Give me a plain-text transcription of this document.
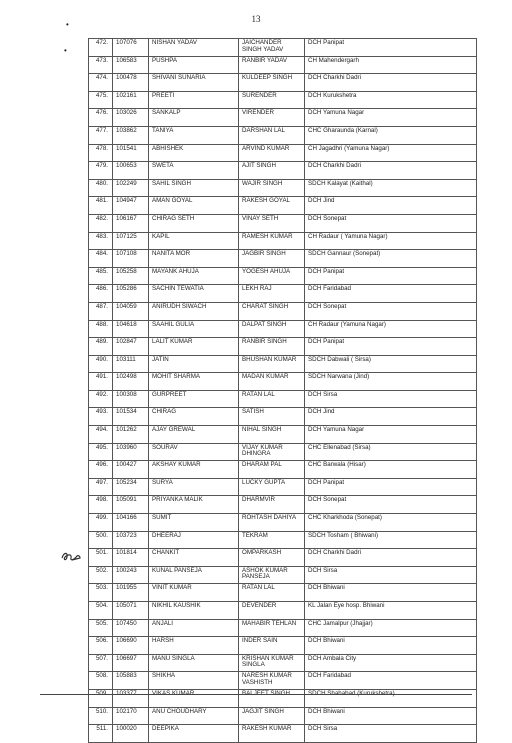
13
•
•
472.	107076	NISHAN YADAV	JAICHANDER SINGH YADAV	DCH Panipat
473.	106583	PUSHPA	RANBIR YADAV	CH Mahendergarh
474.	100478	SHIVANI SUNARIA	KULDEEP SINGH	DCH Charkhi Dadri
475.	102161	PREETI	SURENDER	DCH Kurukshetra
476.	103026	SANKALP	VIRENDER	DCH Yamuna Nagar
477.	103862	TANIYA	DARSHAN LAL	CHC Gharaunda (Karnal)
478.	101541	ABHISHEK	ARVIND KUMAR	CH Jagadhri (Yamuna Nagar)
479.	100653	SWETA	AJIT SINGH	DCH Charkhi Dadri
480.	102249	SAHIL SINGH	WAJIR SINGH	SDCH Kalayat (Kaithal)
481.	104947	AMAN GOYAL	RAKESH GOYAL	DCH Jind
482.	106167	CHIRAG SETH	VINAY SETH	DCH Sonepat
483.	107125	KAPIL	RAMESH KUMAR	CH Radaur ( Yamuna Nagar)
484.	107108	NANITA MOR	JAGBIR SINGH	SDCH Gannaur (Sonepat)
485.	105258	MAYANK AHUJA	YOGESH AHUJA	DCH Panipat
486.	105286	SACHIN TEWATIA	LEKH RAJ	DCH Faridabad
487.	104059	ANIRUDH SIWACH	CHARAT SINGH	DCH Sonepat
488.	104618	SAAHIL GULIA	DALPAT SINGH	CH Radaur (Yamuna Nagar)
489.	102847	LALIT KUMAR	RANBIR SINGH	DCH Panipat
490.	103111	JATIN	BHUSHAN KUMAR	SDCH Dabwali ( Sirsa)
491.	102498	MOHIT SHARMA	MADAN KUMAR	SDCH Narwana (Jind)
492.	100308	GURPREET	RATAN LAL	DCH Sirsa
493.	101534	CHIRAG	SATISH	DCH Jind
494.	101262	AJAY GREWAL	NIHAL SINGH	DCH Yamuna Nagar
495.	103960	SOURAV	VIJAY KUMAR DHINGRA	CHC Ellenabad (Sirsa)
496.	100427	AKSHAY KUMAR	DHARAM PAL	CHC Barwala (Hisar)
497.	105234	SURYA	LUCKY GUPTA	DCH Panipat
498.	105091	PRIYANKA MALIK	DHARMVIR	DCH Sonepat
499.	104166	SUMIT	ROHTASH DAHIYA	CHC Kharkhoda (Sonepat)
500.	103723	DHEERAJ	TEKRAM	SDCH Tosham ( Bhiwani)
501.	101814	CHANKIT	OMPARKASH	DCH Charkhi Dadri
502.	100243	KUNAL PANSEJA	ASHOK KUMAR PANSEJA	DCH Sirsa
503.	101955	VINIT KUMAR	RATAN LAL	DCH Bhiwani
504.	105071	NIKHIL KAUSHIK	DEVENDER	KL Jalan Eye hosp. Bhiwani
505.	107450	ANJALI	MAHABIR TEHLAN	CHC Jamalpur (Jhajjar)
506.	106690	HARSH	INDER SAIN	DCH Bhiwani
507.	106697	MANU SINGLA	KRISHAN KUMAR SINGLA	DCH Ambala City
508.	105883	SHIKHA	NARESH KUMAR VASHISTH	DCH Faridabad
509.	103377	VIKAS KUMAR	BALJEET SINGH	SDCH Shahabad (Kurukshetra)
510.	102170	ANU CHOUDHARY	JAGJIT SINGH	DCH Bhiwani
511.	100020	DEEPIKA	RAKESH KUMAR	DCH Sirsa
